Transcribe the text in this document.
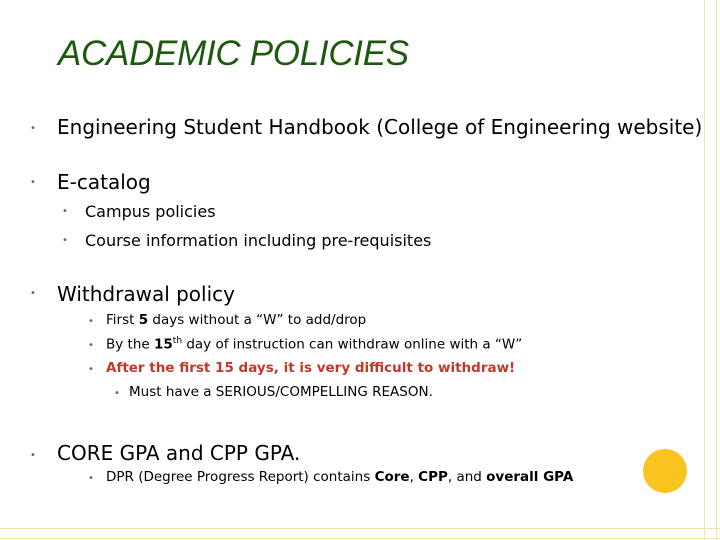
ACADEMIC POLICIES
• Engineering Student Handbook (College of Engineering website)
• E-catalog
• Campus policies
• Course information including pre-requisites
• Withdrawal policy
• First 5 days without a “W” to add/drop
• By the 15th day of instruction can withdraw online with a “W”
• After the first 15 days, it is very difficult to withdraw!
• Must have a SERIOUS/COMPELLING REASON.
• CORE GPA and CPP GPA.
• DPR (Degree Progress Report) contains Core, CPP, and overall GPA
